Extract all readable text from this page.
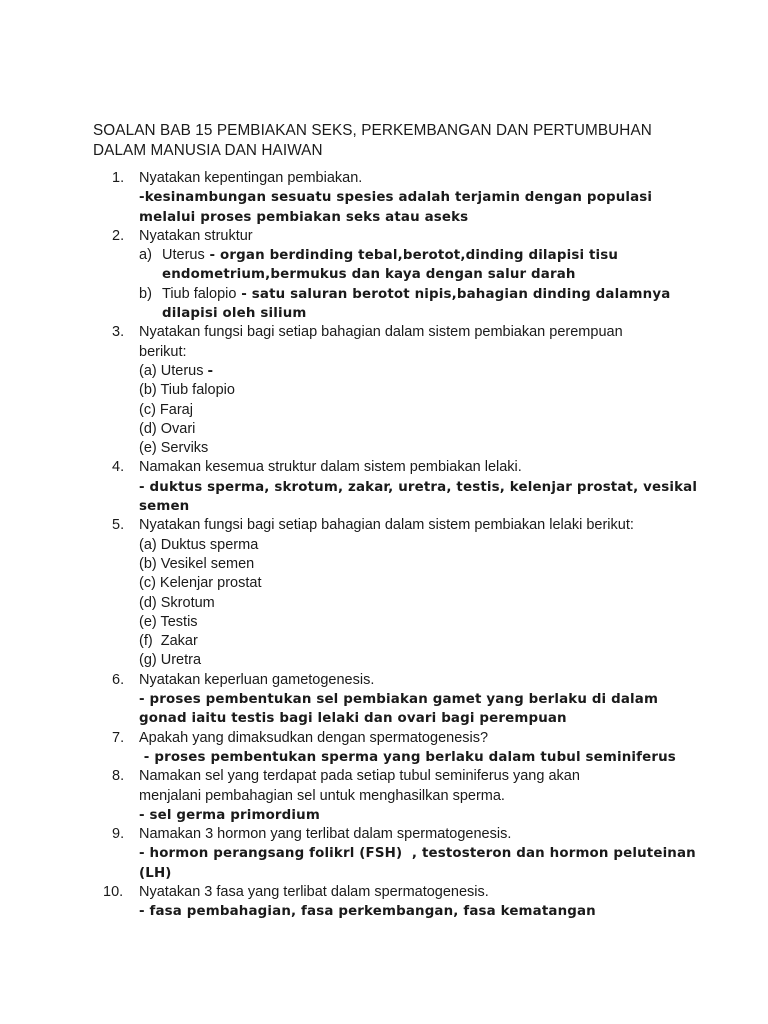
SOALAN BAB 15 PEMBIAKAN SEKS, PERKEMBANGAN DAN PERTUMBUHAN
DALAM MANUSIA DAN HAIWAN
1. Nyatakan kepentingan pembiakan.
-kesinambungan sesuatu spesies adalah terjamin dengan populasi
melalui proses pembiakan seks atau aseks
2. Nyatakan struktur
a) Uterus - organ berdinding tebal,berotot,dinding dilapisi tisu
endometrium,bermukus dan kaya dengan salur darah
b) Tiub falopio - satu saluran berotot nipis,bahagian dinding dalamnya
dilapisi oleh silium
3. Nyatakan fungsi bagi setiap bahagian dalam sistem pembiakan perempuan
berikut:
(a) Uterus -
(b) Tiub falopio
(c) Faraj
(d) Ovari
(e) Serviks
4. Namakan kesemua struktur dalam sistem pembiakan lelaki.
- duktus sperma, skrotum, zakar, uretra, testis, kelenjar prostat, vesikal
semen
5. Nyatakan fungsi bagi setiap bahagian dalam sistem pembiakan lelaki berikut:
(a) Duktus sperma
(b) Vesikel semen
(c) Kelenjar prostat
(d) Skrotum
(e) Testis
(f)  Zakar
(g) Uretra
6. Nyatakan keperluan gametogenesis.
- proses pembentukan sel pembiakan gamet yang berlaku di dalam
gonad iaitu testis bagi lelaki dan ovari bagi perempuan
7. Apakah yang dimaksudkan dengan spermatogenesis?
- proses pembentukan sperma yang berlaku dalam tubul seminiferus
8. Namakan sel yang terdapat pada setiap tubul seminiferus yang akan
menjalani pembahagian sel untuk menghasilkan sperma.
- sel germa primordium
9. Namakan 3 hormon yang terlibat dalam spermatogenesis.
- hormon perangsang folikrl (FSH)  , testosteron dan hormon peluteinan
(LH)
10. Nyatakan 3 fasa yang terlibat dalam spermatogenesis.
- fasa pembahagian, fasa perkembangan, fasa kematangan
